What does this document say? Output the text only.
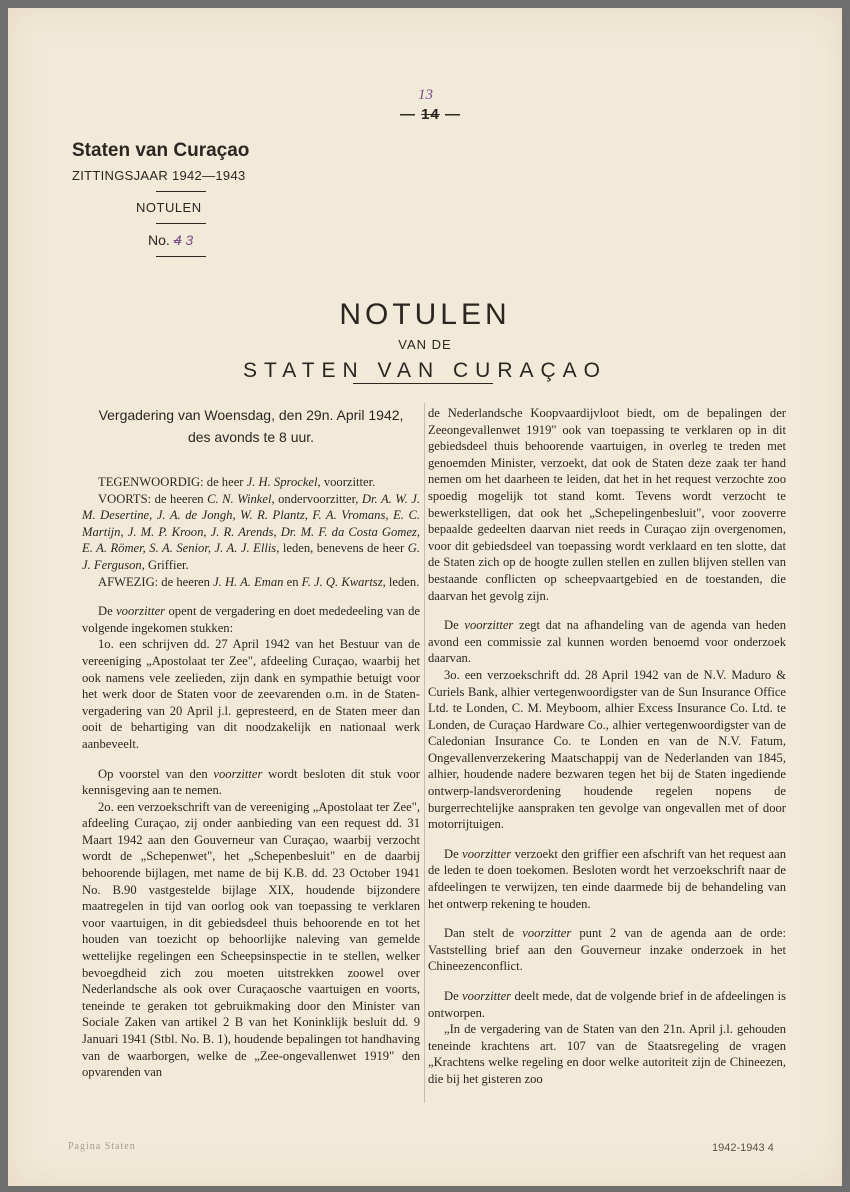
13
— 14 —
Staten van Curaçao
ZITTINGSJAAR 1942—1943
NOTULEN
No. 4 3
NOTULEN
VAN DE
STATEN VAN CURAÇAO
Vergadering van Woensdag, den 29n. April 1942,
des avonds te 8 uur.

TEGENWOORDIG: de heer J. H. Sprockel, voorzitter.

VOORTS: de heeren C. N. Winkel, ondervoorzitter, Dr. A. W. J. M. Desertine, J. A. de Jongh, W. R. Plantz, F. A. Vromans, E. C. Martijn, J. M. P. Kroon, J. R. Arends, Dr. M. F. da Costa Gomez, E. A. Römer, S. A. Senior, J. A. J. Ellis, leden, benevens de heer G. J. Ferguson, Griffier.

AFWEZIG: de heeren J. H. A. Eman en F. J. Q. Kwartsz, leden.

De voorzitter opent de vergadering en doet mededeeling van de volgende ingekomen stukken:

1o. een schrijven dd. 27 April 1942 van het Bestuur van de vereeniging „Apostolaat ter Zee", afdeeling Curaçao, waarbij het ook namens vele zeelieden, zijn dank en sympathie betuigt voor het werk door de Staten voor de zeevarenden o.m. in de Staten-vergadering van 20 April j.l. gepresteerd, en de Staten meer dan ooit de behartiging van dit noodzakelijk en nationaal werk aanbeveelt.

Op voorstel van den voorzitter wordt besloten dit stuk voor kennisgeving aan te nemen.

2o. een verzoekschrift van de vereeniging „Apostolaat ter Zee", afdeeling Curaçao, zij onder aanbieding van een request dd. 31 Maart 1942 aan den Gouverneur van Curaçao, waarbij verzocht wordt de „Schepenwet", het „Schepenbesluit" en de daarbij behoorende bijlagen, met name de bij K.B. dd. 23 October 1941 No. B.90 vastgestelde bijlage XIX, houdende bijzondere maatregelen in tijd van oorlog ook van toepassing te verklaren voor vaartuigen, in dit gebiedsdeel thuis behoorende en tot het houden van toezicht op behoorlijke naleving van gemelde wettelijke regelingen een Scheepsinspectie in te stellen, welker bevoegdheid zich zou moeten uitstrekken zoowel over Nederlandsche als ook over Curaçaosche vaartuigen en voorts, teneinde te geraken tot gebruikmaking door den Minister van Sociale Zaken van artikel 2 B van het Koninklijk besluit dd. 9 Januari 1941 (Stbl. No. B. 1), houdende bepalingen tot handhaving van de waarborgen, welke de „Zee-ongevallenwet 1919" den opvarenden van

de Nederlandsche Koopvaardijvloot biedt, om de bepalingen der Zeeongevallenwet 1919" ook van toepassing te verklaren op in dit gebiedsdeel thuis behoorende vaartuigen, in overleg te treden met genoemden Minister, verzoekt, dat ook de Staten deze zaak ter hand nemen om het daarheen te leiden, dat het in het request verzochte zoo spoedig mogelijk tot stand komt. Tevens wordt verzocht te bewerkstelligen, dat ook het „Schepelingenbesluit", voor zooverre bepaalde gedeelten daarvan niet reeds in Curaçao zijn overgenomen, voor dit gebiedsdeel van toepassing wordt verklaard en ten slotte, dat de Staten zich op de hoogte zullen stellen en zullen blijven stellen van bestaande conflicten op scheepvaartgebied en de toestanden, die daarvan het gevolg zijn.

De voorzitter zegt dat na afhandeling van de agenda van heden avond een commissie zal kunnen worden benoemd voor onderzoek daarvan.

3o. een verzoekschrift dd. 28 April 1942 van de N.V. Maduro & Curiels Bank, alhier vertegenwoordigster van de Sun Insurance Office Ltd. te Londen, C. M. Meyboom, alhier Excess Insurance Co. Ltd. te Londen, de Curaçao Hardware Co., alhier vertegenwoordigster van de Caledonian Insurance Co. te Londen en van de N.V. Fatum, Ongevallenverzekering Maatschappij van de Nederlanden van 1845, alhier, houdende nadere bezwaren tegen het bij de Staten ingediende ontwerp-landsverordening houdende regelen nopens de burgerrechtelijke aanspraken ten gevolge van ongevallen met of door motorrijtuigen.

De voorzitter verzoekt den griffier een afschrift van het request aan de leden te doen toekomen. Besloten wordt het verzoekschrift naar de afdeelingen te verwijzen, ten einde daarmede bij de behandeling van het ontwerp rekening te houden.

Dan stelt de voorzitter punt 2 van de agenda aan de orde: Vaststelling brief aan den Gouverneur inzake onderzoek in het Chineezenconflict.

De voorzitter deelt mede, dat de volgende brief in de afdeelingen is ontworpen.

„In de vergadering van de Staten van den 21n. April j.l. gehouden teneinde krachtens art. 107 van de Staatsregeling de vragen „Krachtens welke regeling en door welke autoriteit zijn de Chineezen, die bij het gisteren zoo

Pagina Staten	1942-1943 4
